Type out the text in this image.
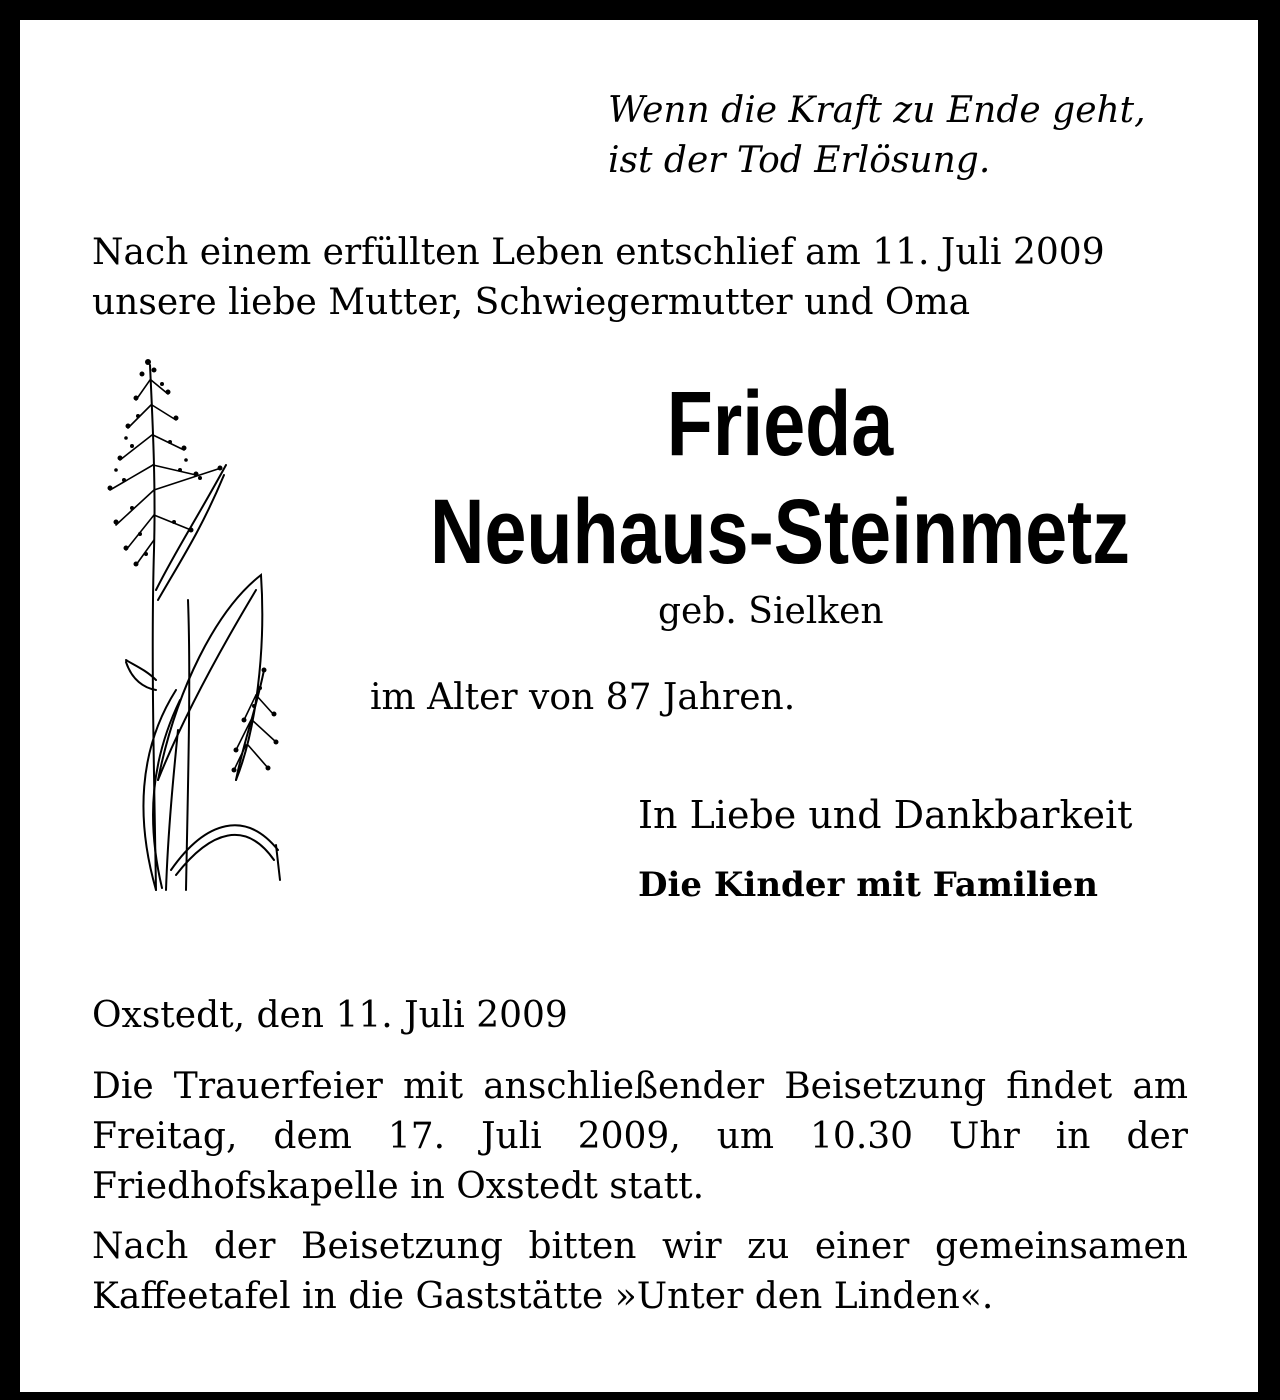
Wenn die Kraft zu Ende geht,
ist der Tod Erlösung.

Nach einem erfüllten Leben entschlief am 11. Juli 2009
unsere liebe Mutter, Schwiegermutter und Oma

Frieda

Neuhaus-Steinmetz

geb. Sielken

im Alter von 87 Jahren.

In Liebe und Dankbarkeit

Die Kinder mit Familien

Oxstedt, den 11. Juli 2009

Die Trauerfeier mit anschließender Beisetzung findet am Freitag, dem 17. Juli 2009, um 10.30 Uhr in der Friedhofskapelle in Oxstedt statt.

Nach der Beisetzung bitten wir zu einer gemeinsamen Kaffeetafel in die Gaststätte »Unter den Linden«.
